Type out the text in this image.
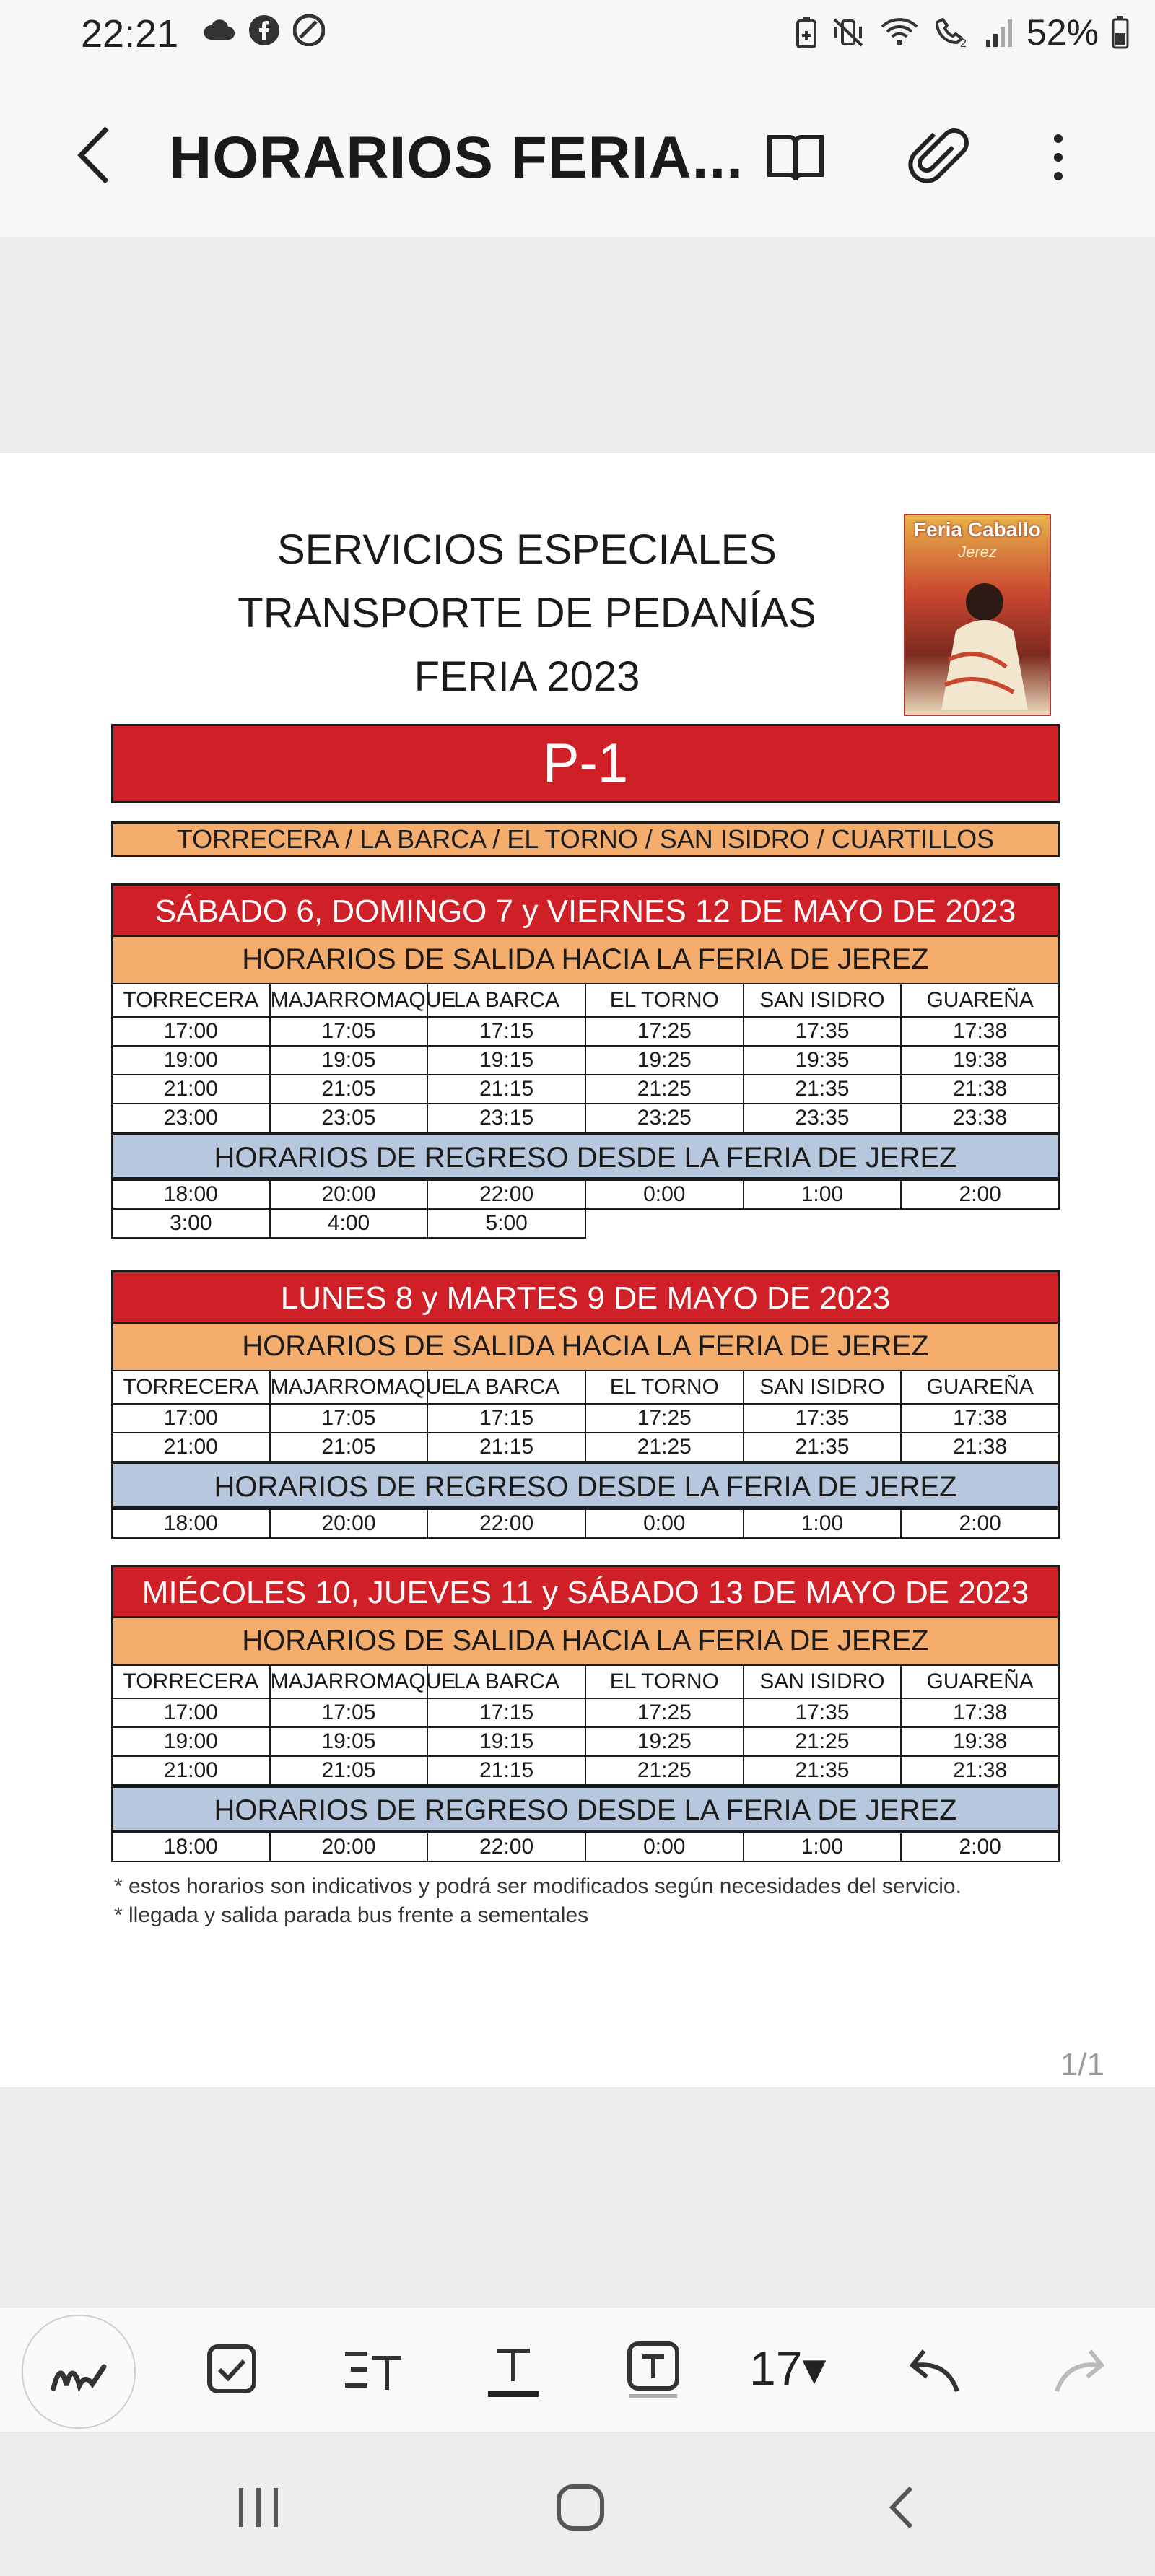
22:21	2 52%
HORARIOS FERIA...
SERVICIOS ESPECIALES
TRANSPORTE DE PEDANÍAS
FERIA 2023
Feria Caballo
Jerez
P-1
TORRECERA / LA BARCA / EL TORNO / SAN ISIDRO / CUARTILLOS
SÁBADO 6, DOMINGO 7 y VIERNES 12 DE MAYO DE 2023
HORARIOS DE SALIDA HACIA LA FERIA DE JEREZ
TORRECERA	MAJARROMAQUE	LA BARCA	EL TORNO	SAN ISIDRO	GUAREÑA
17:00	17:05	17:15	17:25	17:35	17:38
19:00	19:05	19:15	19:25	19:35	19:38
21:00	21:05	21:15	21:25	21:35	21:38
23:00	23:05	23:15	23:25	23:35	23:38
HORARIOS DE REGRESO DESDE LA FERIA DE JEREZ
18:00	20:00	22:00	0:00	1:00	2:00
3:00	4:00	5:00			
LUNES 8 y MARTES 9 DE MAYO DE 2023
HORARIOS DE SALIDA HACIA LA FERIA DE JEREZ
TORRECERA	MAJARROMAQUE	LA BARCA	EL TORNO	SAN ISIDRO	GUAREÑA
17:00	17:05	17:15	17:25	17:35	17:38
21:00	21:05	21:15	21:25	21:35	21:38
HORARIOS DE REGRESO DESDE LA FERIA DE JEREZ
18:00	20:00	22:00	0:00	1:00	2:00
MIÉCOLES 10, JUEVES 11 y SÁBADO 13 DE MAYO DE 2023
HORARIOS DE SALIDA HACIA LA FERIA DE JEREZ
TORRECERA	MAJARROMAQUE	LA BARCA	EL TORNO	SAN ISIDRO	GUAREÑA
17:00	17:05	17:15	17:25	17:35	17:38
19:00	19:05	19:15	19:25	21:25	19:38
21:00	21:05	21:15	21:25	21:35	21:38
HORARIOS DE REGRESO DESDE LA FERIA DE JEREZ
18:00	20:00	22:00	0:00	1:00	2:00
* estos horarios son indicativos y podrá ser modificados según necesidades del servicio.
* llegada y salida parada bus frente a sementales
1/1
17▾
